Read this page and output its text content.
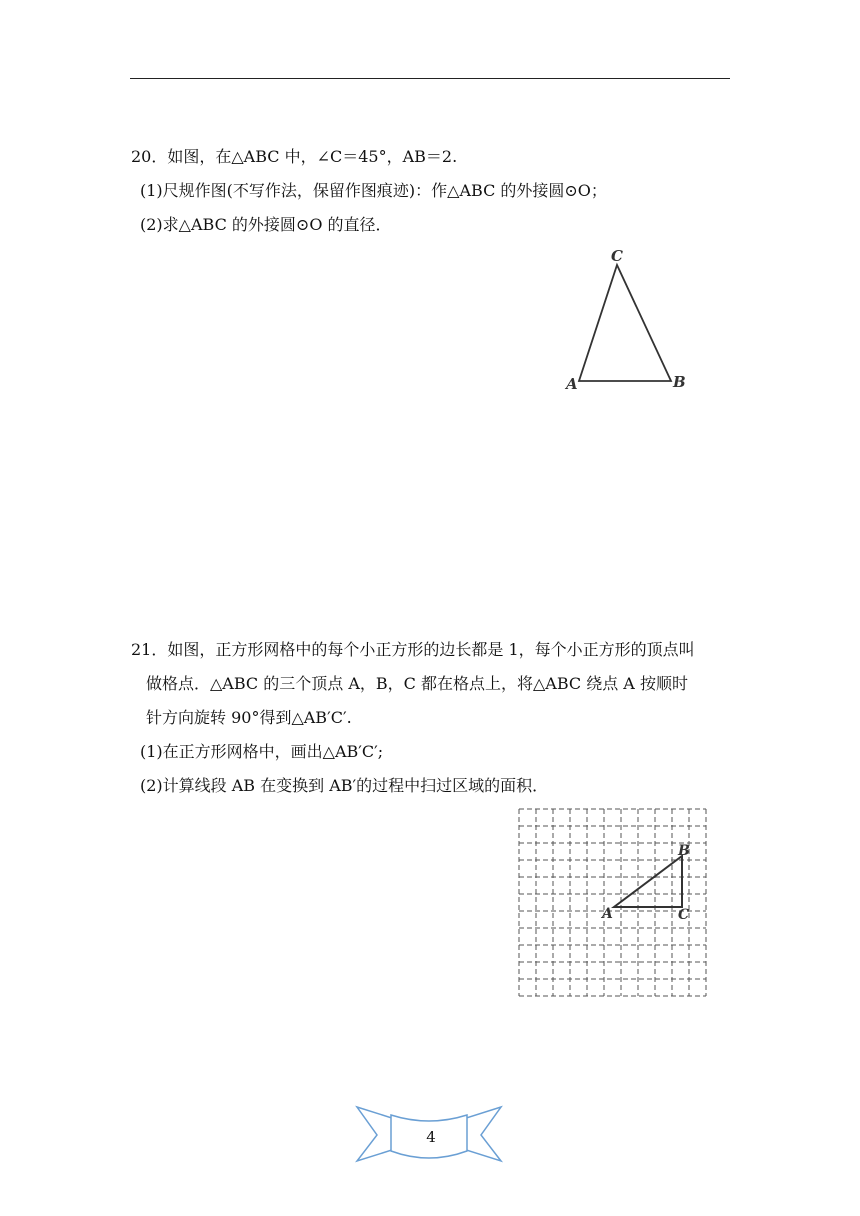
20．如图，在△ABC 中，∠C＝45°，AB＝2.
(1)尺规作图(不写作法，保留作图痕迹)：作△ABC 的外接圆⊙O；
(2)求△ABC 的外接圆⊙O 的直径．
A	B
C
21．如图，正方形网格中的每个小正方形的边长都是 1，每个小正方形的顶点叫
做格点．△ABC 的三个顶点 A，B，C 都在格点上，将△ABC 绕点 A 按顺时
针方向旋转 90°得到△AB′C′.
(1)在正方形网格中，画出△AB′C′;
(2)计算线段 AB 在变换到 AB′的过程中扫过区域的面积．
A
B
C
4
